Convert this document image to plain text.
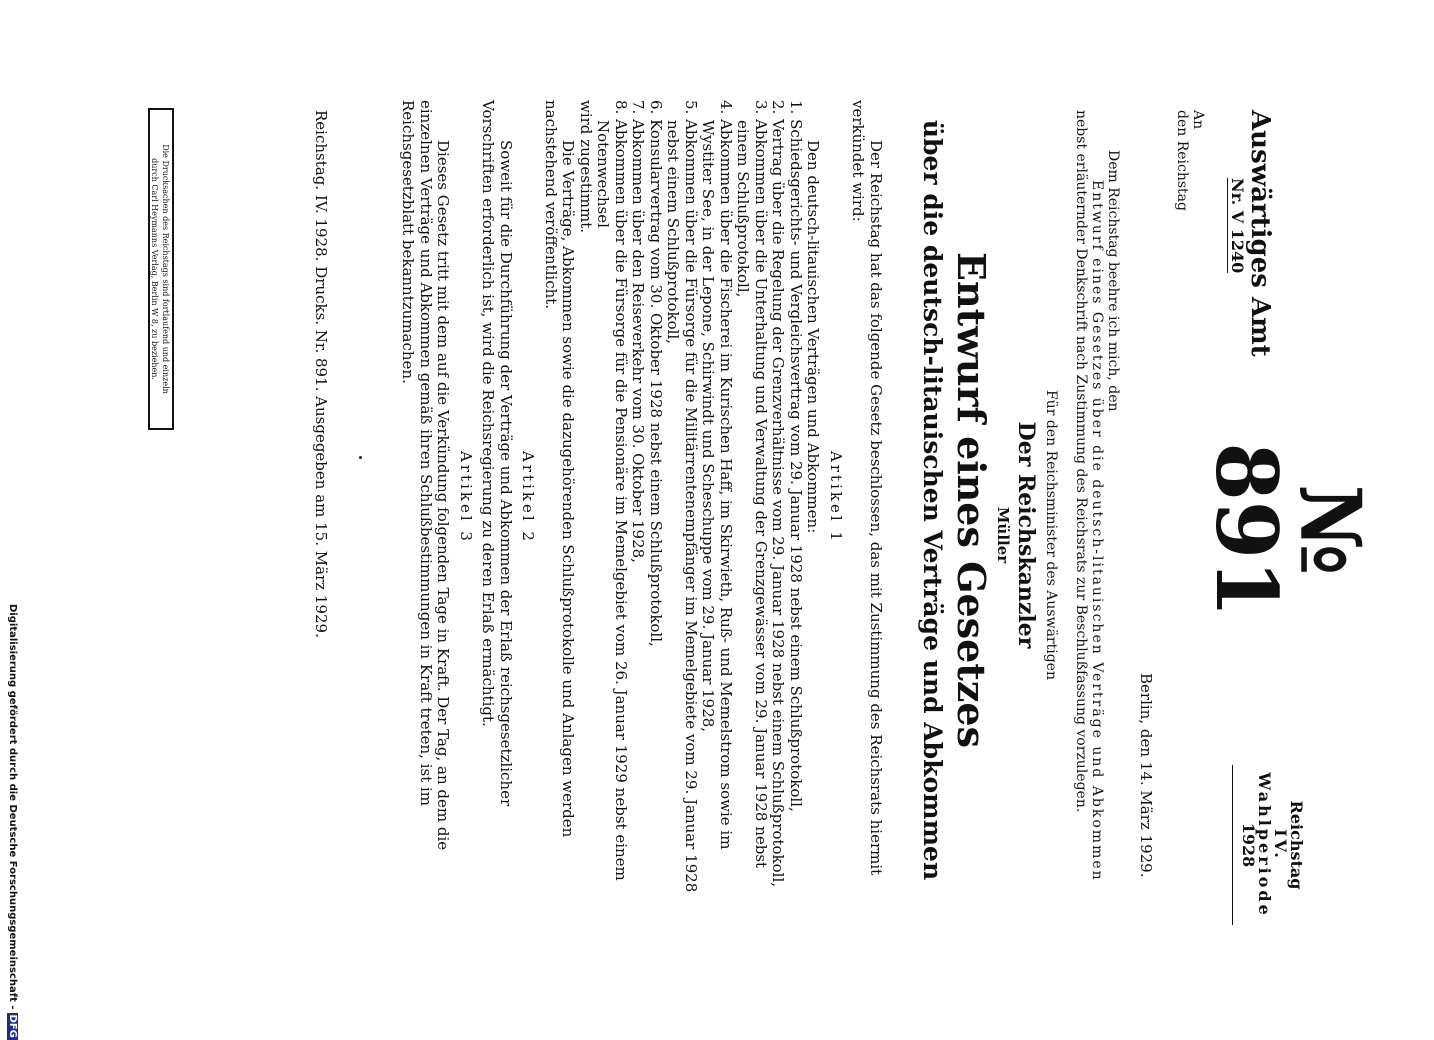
№ 891
Reichstag
IV. Wahlperiode
1928
Auswärtiges Amt
Nr. V 1240
An
den Reichstag
Berlin, den 14. März 1929.

Dem Reichstag beehre ich mich, den

Entwurf eines Gesetzes über die deutsch-litauischen Verträge und Abkommen

nebst erläuternder Denkschrift nach Zustimmung des Reichsrats zur Beschlußfassung vorzulegen.

Für den Reichsminister des Auswärtigen
Der Reichskanzler
Müller
Entwurf eines Gesetzes
über die deutsch-litauischen Verträge und Abkommen

Der Reichstag hat das folgende Gesetz beschlossen, das mit Zustimmung des Reichsrats hiermit verkündet wird:

Artikel 1

Den deutsch-litauischen Verträgen und Abkommen:

1. Schiedsgerichts- und Vergleichsvertrag vom 29. Januar 1928 nebst einem Schlußprotokoll,
2. Vertrag über die Regelung der Grenzverhältnisse vom 29. Januar 1928 nebst einem Schlußprotokoll,
3. Abkommen über die Unterhaltung und Verwaltung der Grenzgewässer vom 29. Januar 1928 nebst einem Schlußprotokoll,
4. Abkommen über die Fischerei im Kurischen Haff, im Skirwieth, Ruß- und Memelstrom sowie im Wystiter See, in der Lepone, Schirwindt und Scheschuppe vom 29. Januar 1928,
5. Abkommen über die Fürsorge für die Militärrentenempfänger im Memelgebiete vom 29. Januar 1928 nebst einem Schlußprotokoll,
6. Konsularvertrag vom 30. Oktober 1928 nebst einem Schlußprotokoll,
7. Abkommen über den Reiseverkehr vom 30. Oktober 1928,
8. Abkommen über die Fürsorge für die Pensionäre im Memelgebiet vom 26. Januar 1929 nebst einem Notenwechsel

wird zugestimmt.

Die Verträge, Abkommen sowie die dazugehörenden Schlußprotokolle und Anlagen werden nachstehend veröffentlicht.

Artikel 2

Soweit für die Durchführung der Verträge und Abkommen der Erlaß reichsgesetzlicher Vorschriften erforderlich ist, wird die Reichsregierung zu deren Erlaß ermächtigt.

Artikel 3

Dieses Gesetz tritt mit dem auf die Verkündung folgenden Tage in Kraft. Der Tag, an dem die einzelnen Verträge und Abkommen gemäß ihren Schlußbestimmungen in Kraft treten, ist im Reichsgesetzblatt bekanntzumachen.

Reichstag. IV. 1928. Drucks. Nr. 891. Ausgegeben am 15. März 1929.
Die Drucksachen des Reichstags sind fortlaufend und einzeln
durch Carl Heymanns Verlag, Berlin W 8, zu beziehen.
Digitalisierung gefördert durch die Deutsche Forschungsgemeinschaft -DFG
